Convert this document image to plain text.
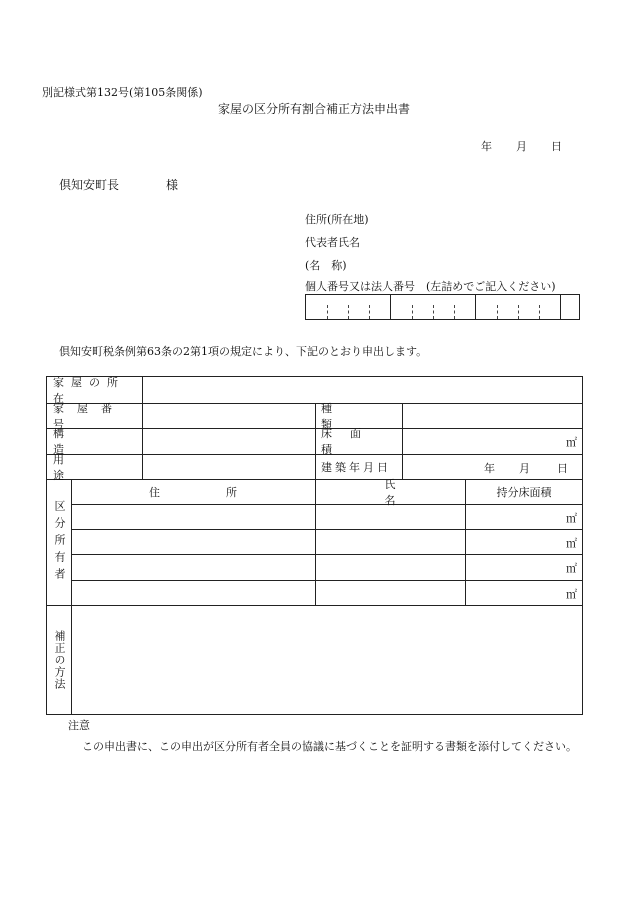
別記様式第132号(第105条関係)
家屋の区分所有割合補正方法申出書
年 月 日
倶知安町長	様
住所(所在地)
代表者氏名
(名　称)
個人番号又は法人番号　(左詰めでご記入ください)
倶知安町税条例第63条の2第1項の規定により、下記のとおり申出します。
家屋の所在
家屋番号
種類
構造
床面積
用途
建築年月日
㎡
年 月 日
区分所有者
住所
氏名
持分床面積
㎡
㎡
㎡
㎡
補正の方法
注意
この申出書に、この申出が区分所有者全員の協議に基づくことを証明する書類を添付してください。
